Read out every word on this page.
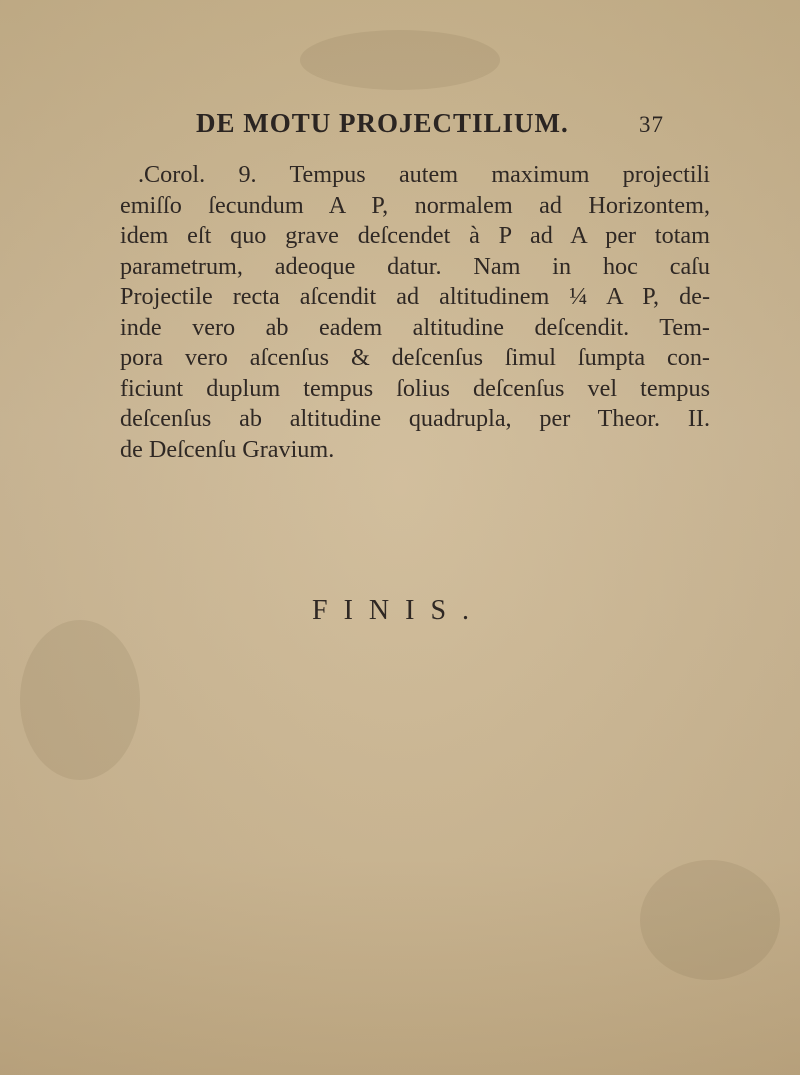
DE MOTU PROJECTILIUM.	37
.Corol. 9. Tempus autem maximum projectili
emiſſo ſecundum A P, normalem ad Horizontem,
idem eſt quo grave deſcendet à P ad A per totam
parametrum, adeoque datur. Nam in hoc caſu
Projectile recta aſcendit ad altitudinem ¼ A P, de-
inde vero ab eadem altitudine deſcendit. Tem-
pora vero aſcenſus & deſcenſus ſimul ſumpta con-
ficiunt duplum tempus ſolius deſcenſus vel tempus
deſcenſus ab altitudine quadrupla, per Theor. II.
de Deſcenſu Gravium.
FINIS.
